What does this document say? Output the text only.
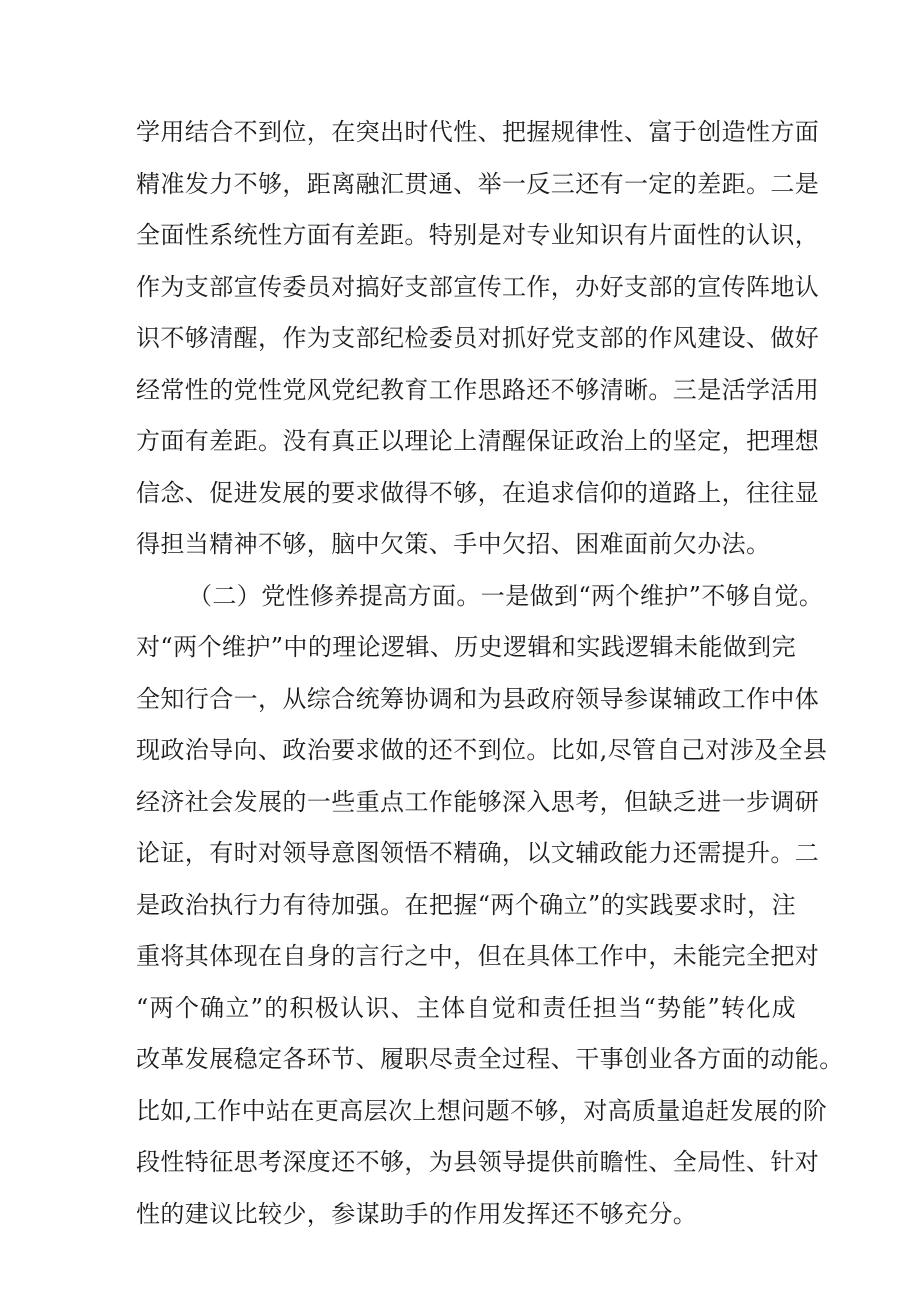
学用结合不到位，在突出时代性、把握规律性、富于创造性方面
精准发力不够，距离融汇贯通、举一反三还有一定的差距。二是
全面性系统性方面有差距。特别是对专业知识有片面性的认识，
作为支部宣传委员对搞好支部宣传工作，办好支部的宣传阵地认
识不够清醒，作为支部纪检委员对抓好党支部的作风建设、做好
经常性的党性党风党纪教育工作思路还不够清晰。三是活学活用
方面有差距。没有真正以理论上清醒保证政治上的坚定，把理想
信念、促进发展的要求做得不够，在追求信仰的道路上，往往显
得担当精神不够，脑中欠策、手中欠招、困难面前欠办法。
（二）党性修养提高方面。一是做到“两个维护”不够自觉。
对“两个维护”中的理论逻辑、历史逻辑和实践逻辑未能做到完
全知行合一，从综合统筹协调和为县政府领导参谋辅政工作中体
现政治导向、政治要求做的还不到位。比如,尽管自己对涉及全县
经济社会发展的一些重点工作能够深入思考，但缺乏进一步调研
论证，有时对领导意图领悟不精确，以文辅政能力还需提升。二
是政治执行力有待加强。在把握“两个确立”的实践要求时，注
重将其体现在自身的言行之中，但在具体工作中，未能完全把对
“两个确立”的积极认识、主体自觉和责任担当“势能”转化成
改革发展稳定各环节、履职尽责全过程、干事创业各方面的动能。
比如,工作中站在更高层次上想问题不够，对高质量追赶发展的阶
段性特征思考深度还不够，为县领导提供前瞻性、全局性、针对
性的建议比较少，参谋助手的作用发挥还不够充分。
